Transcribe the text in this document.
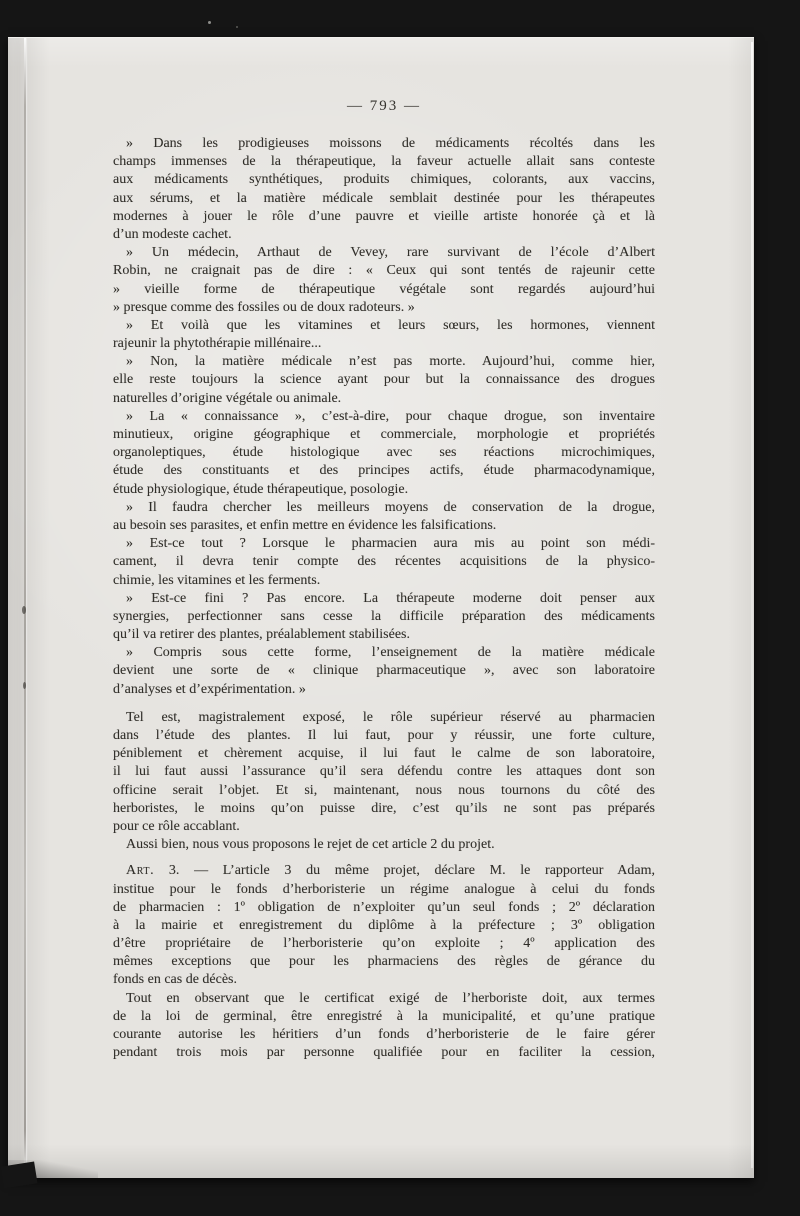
— 793 —
» Dans les prodigieuses moissons de médicaments récoltés dans les
champs immenses de la thérapeutique, la faveur actuelle allait sans conteste
aux médicaments synthétiques, produits chimiques, colorants, aux vaccins,
aux sérums, et la matière médicale semblait destinée pour les thérapeutes
modernes à jouer le rôle d’une pauvre et vieille artiste honorée çà et là
d’un modeste cachet.
» Un médecin, Arthaut de Vevey, rare survivant de l’école d’Albert
Robin, ne craignait pas de dire : « Ceux qui sont tentés de rajeunir cette
» vieille forme de thérapeutique végétale sont regardés aujourd’hui
» presque comme des fossiles ou de doux radoteurs. »
» Et voilà que les vitamines et leurs sœurs, les hormones, viennent
rajeunir la phytothérapie millénaire...
» Non, la matière médicale n’est pas morte. Aujourd’hui, comme hier,
elle reste toujours la science ayant pour but la connaissance des drogues
naturelles d’origine végétale ou animale.
» La « connaissance », c’est-à-dire, pour chaque drogue, son inventaire
minutieux, origine géographique et commerciale, morphologie et propriétés
organoleptiques, étude histologique avec ses réactions microchimiques,
étude des constituants et des principes actifs, étude pharmacodynamique,
étude physiologique, étude thérapeutique, posologie.
» Il faudra chercher les meilleurs moyens de conservation de la drogue,
au besoin ses parasites, et enfin mettre en évidence les falsifications.
» Est-ce tout ? Lorsque le pharmacien aura mis au point son médi-
cament, il devra tenir compte des récentes acquisitions de la physico-
chimie, les vitamines et les ferments.
» Est-ce fini ? Pas encore. La thérapeute moderne doit penser aux
synergies, perfectionner sans cesse la difficile préparation des médicaments
qu’il va retirer des plantes, préalablement stabilisées.
» Compris sous cette forme, l’enseignement de la matière médicale
devient une sorte de « clinique pharmaceutique », avec son laboratoire
d’analyses et d’expérimentation. »
Tel est, magistralement exposé, le rôle supérieur réservé au pharmacien
dans l’étude des plantes. Il lui faut, pour y réussir, une forte culture,
péniblement et chèrement acquise, il lui faut le calme de son laboratoire,
il lui faut aussi l’assurance qu’il sera défendu contre les attaques dont son
officine serait l’objet. Et si, maintenant, nous nous tournons du côté des
herboristes, le moins qu’on puisse dire, c’est qu’ils ne sont pas préparés
pour ce rôle accablant.
Aussi bien, nous vous proposons le rejet de cet article 2 du projet.
Art. 3. — L’article 3 du même projet, déclare M. le rapporteur Adam,
institue pour le fonds d’herboristerie un régime analogue à celui du fonds
de pharmacien : 1º obligation de n’exploiter qu’un seul fonds ; 2º déclaration
à la mairie et enregistrement du diplôme à la préfecture ; 3º obligation
d’être propriétaire de l’herboristerie qu’on exploite ; 4º application des
mêmes exceptions que pour les pharmaciens des règles de gérance du
fonds en cas de décès.
Tout en observant que le certificat exigé de l’herboriste doit, aux termes
de la loi de germinal, être enregistré à la municipalité, et qu’une pratique
courante autorise les héritiers d’un fonds d’herboristerie de le faire gérer
pendant trois mois par personne qualifiée pour en faciliter la cession,
